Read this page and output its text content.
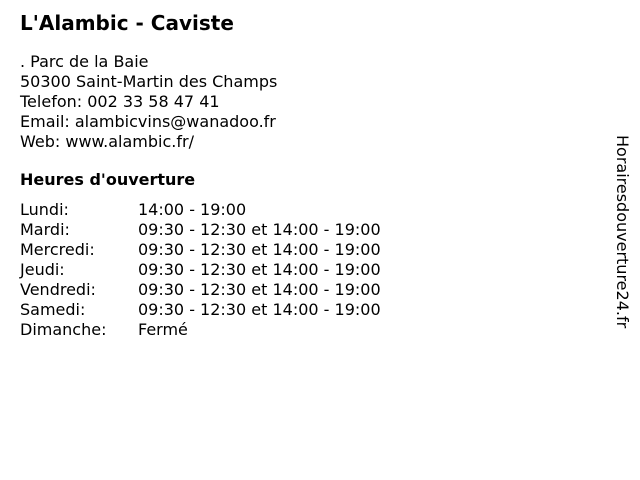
L'Alambic - Caviste
. Parc de la Baie
50300 Saint-Martin des Champs
Telefon: 002 33 58 47 41
Email: alambicvins@wanadoo.fr
Web: www.alambic.fr/
Heures d'ouverture
Lundi:	14:00 - 19:00
Mardi:	09:30 - 12:30 et 14:00 - 19:00
Mercredi:	09:30 - 12:30 et 14:00 - 19:00
Jeudi:	09:30 - 12:30 et 14:00 - 19:00
Vendredi:	09:30 - 12:30 et 14:00 - 19:00
Samedi:	09:30 - 12:30 et 14:00 - 19:00
Dimanche:	Fermé
Horairesdouverture24.fr
